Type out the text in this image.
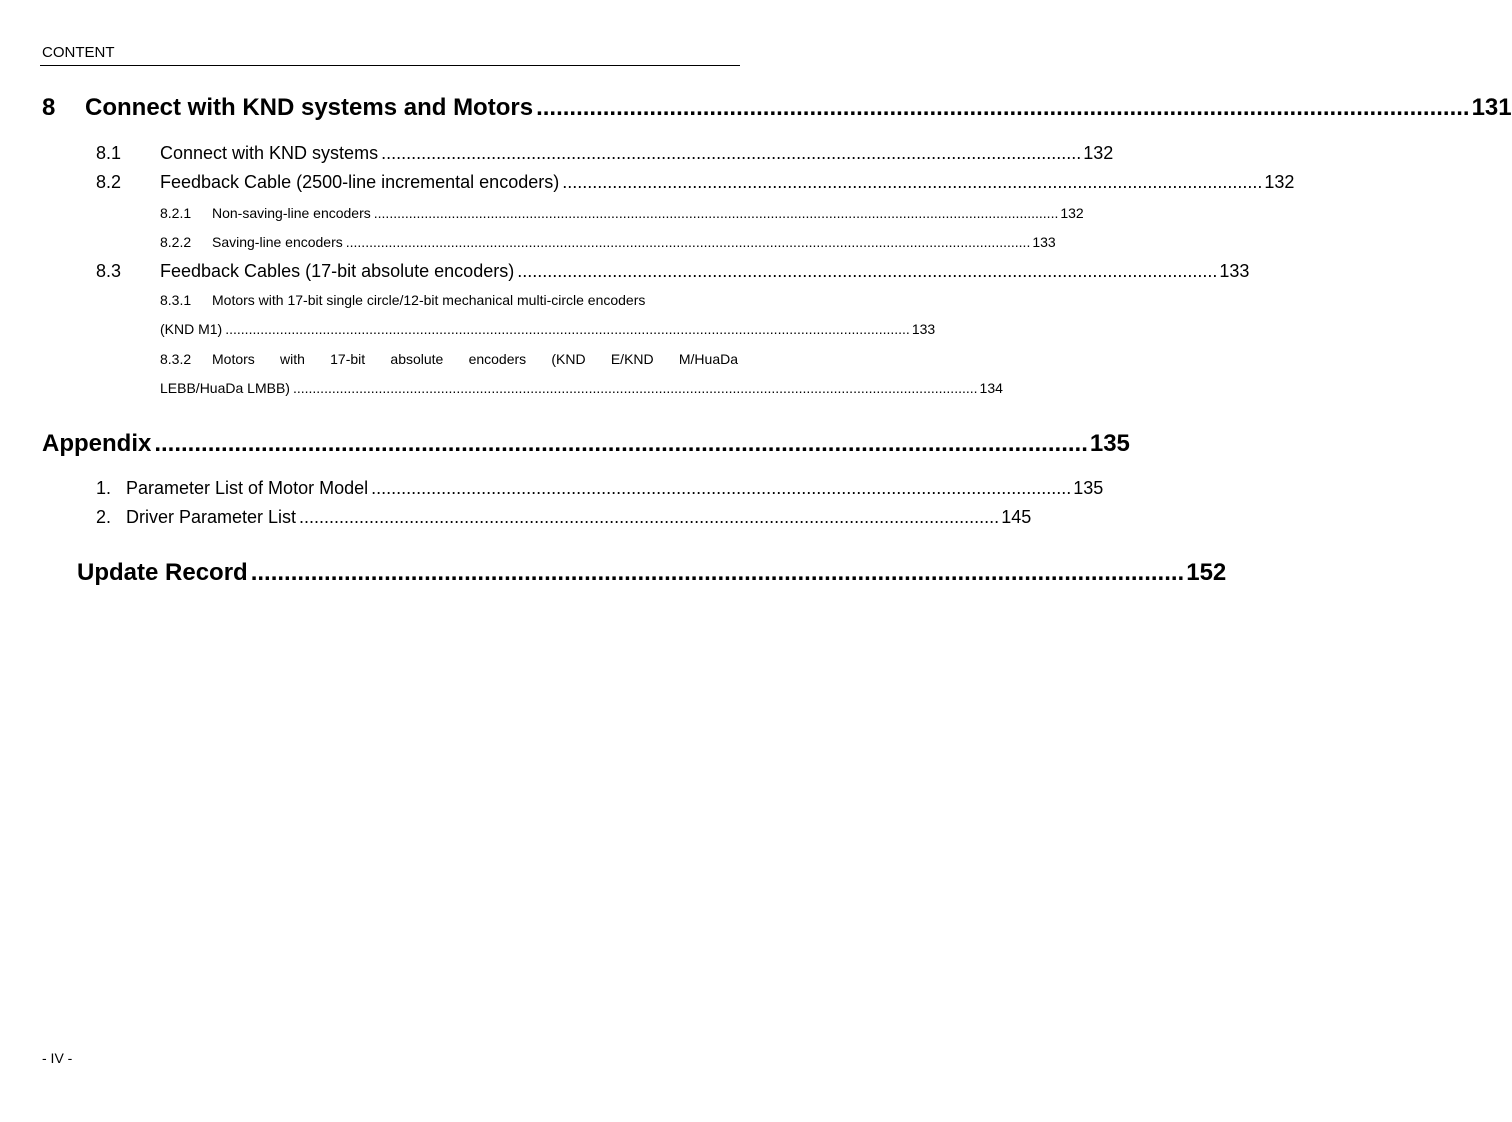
CONTENT
8	Connect with KND systems and Motors ............................................................................................................................................ 131
8.1	Connect with KND systems ............................................................................................................................................ 132
8.2	Feedback Cable (2500-line incremental encoders) ............................................................................................................................................ 132
8.2.1	Non-saving-line encoders ................................................................................................................................................................................ 132
8.2.2	Saving-line encoders ................................................................................................................................................................................ 133
8.3	Feedback Cables (17-bit absolute encoders) ............................................................................................................................................ 133
8.3.1 Motors with 17-bit single circle/12-bit mechanical multi-circle encoders
(KND M1) ................................................................................................................................................................................ 133
8.3.2	Motors with 17-bit absolute encoders (KND E/KND M/HuaDa
LEBB/HuaDa LMBB) ................................................................................................................................................................................ 134
Appendix ............................................................................................................................................ 135
1. Parameter List of Motor Model ............................................................................................................................................ 135
2. Driver Parameter List ............................................................................................................................................ 145
Update Record ............................................................................................................................................ 152
- IV -
